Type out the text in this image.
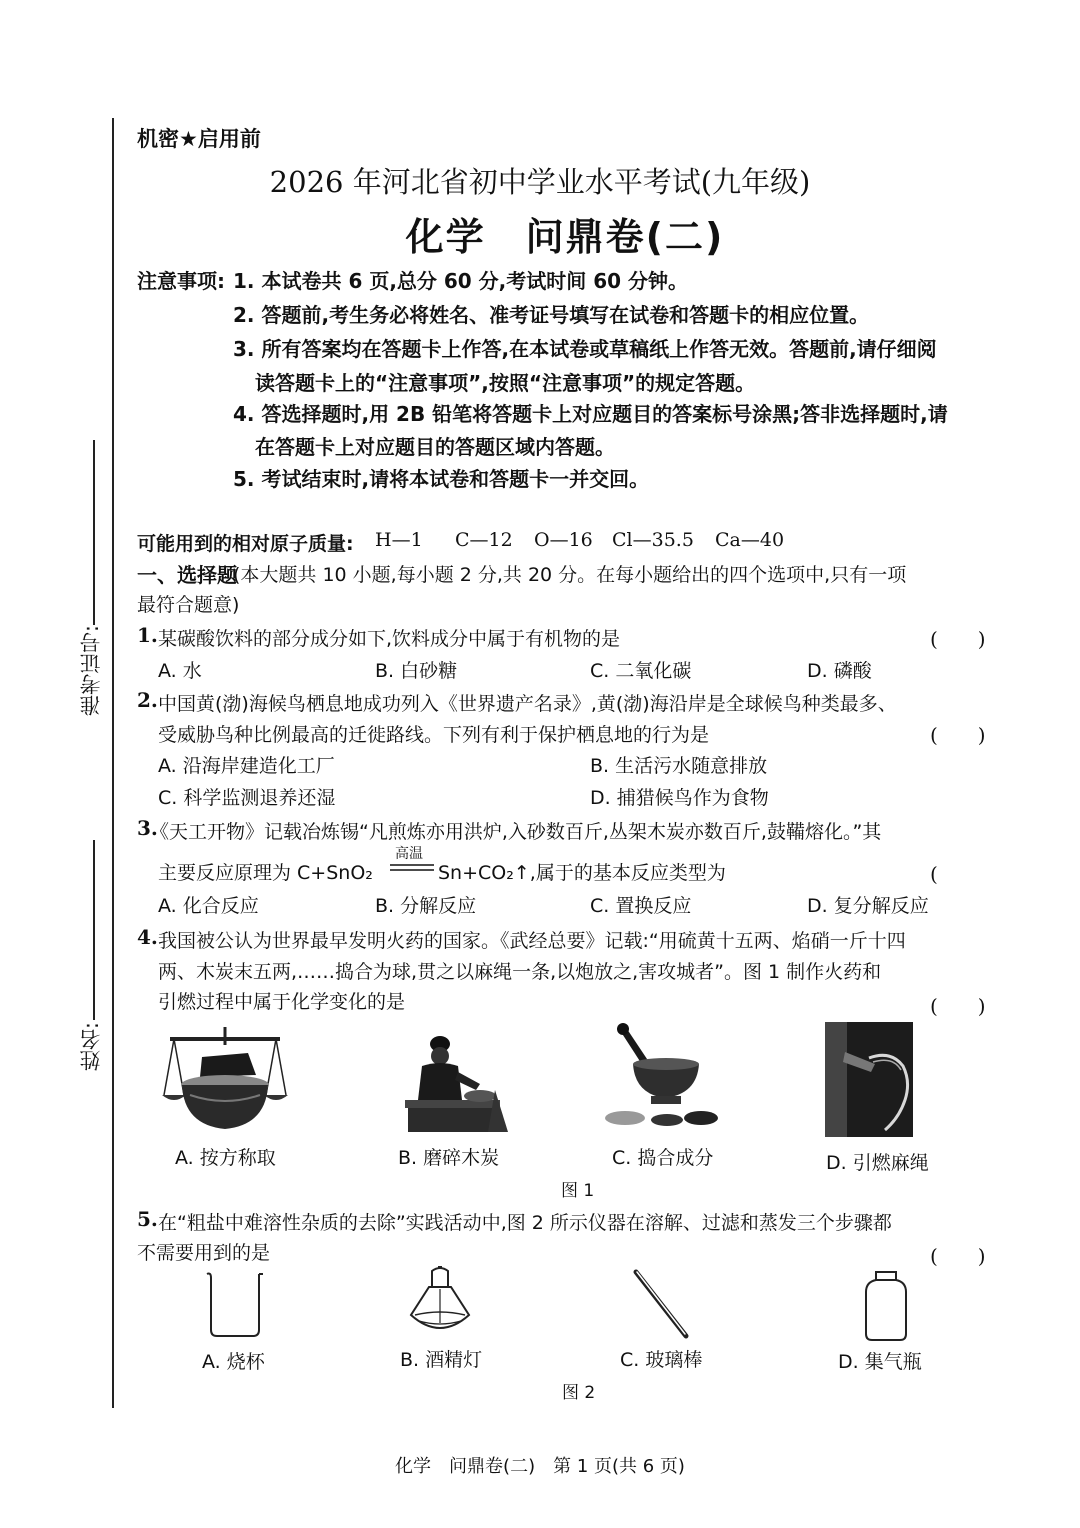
准考证号:
姓名:
机密★启用前
2026 年河北省初中学业水平考试(九年级)
化学　问鼎卷(二)
注意事项: 1. 本试卷共 6 页,总分 60 分,考试时间 60 分钟。
2. 答题前,考生务必将姓名、准考证号填写在试卷和答题卡的相应位置。
3. 所有答案均在答题卡上作答,在本试卷或草稿纸上作答无效。答题前,请仔细阅
读答题卡上的“注意事项”,按照“注意事项”的规定答题。
4. 答选择题时,用 2B 铅笔将答题卡上对应题目的答案标号涂黑;答非选择题时,请
在答题卡上对应题目的答题区域内答题。
5. 考试结束时,请将本试卷和答题卡一并交回。
可能用到的相对原子质量: H—1 C—12 O—16 Cl—35.5 Ca—40
一、选择题
(本大题共 10 小题,每小题 2 分,共 20 分。在每小题给出的四个选项中,只有一项
最符合题意)
1. 某碳酸饮料的部分成分如下,饮料成分中属于有机物的是	(　　)
A. 水	B. 白砂糖	C. 二氧化碳	D. 磷酸
2. 中国黄(渤)海候鸟栖息地成功列入《世界遗产名录》,黄(渤)海沿岸是全球候鸟种类最多、
受威胁鸟种比例最高的迁徙路线。下列有利于保护栖息地的行为是	(　　)
A. 沿海岸建造化工厂	B. 生活污水随意排放
C. 科学监测退养还湿	D. 捕猎候鸟作为食物
3.
《天工开物》记载冶炼锡“凡煎炼亦用洪炉,入砂数百斤,丛架木炭亦数百斤,鼓鞴熔化。”其
主要反应原理为 C+SnO₂
高温
Sn+CO₂↑,属于的基本反应类型为	(　　
A. 化合反应	B. 分解反应	C. 置换反应	D. 复分解反应
4. 我国被公认为世界最早发明火药的国家。《武经总要》记载:“用硫黄十五两、焰硝一斤十四
两、木炭末五两,……捣合为球,贯之以麻绳一条,以炮放之,害攻城者”。图 1 制作火药和
引燃过程中属于化学变化的是	(　　)
A. 按方称取	B. 磨碎木炭	C. 捣合成分	D. 引燃麻绳
图 1
5. 在“粗盐中难溶性杂质的去除”实践活动中,图 2 所示仪器在溶解、过滤和蒸发三个步骤都
不需要用到的是	(　　)
A. 烧杯	B. 酒精灯	C. 玻璃棒	D. 集气瓶
图 2
化学　问鼎卷(二)　第 1 页(共 6 页)
